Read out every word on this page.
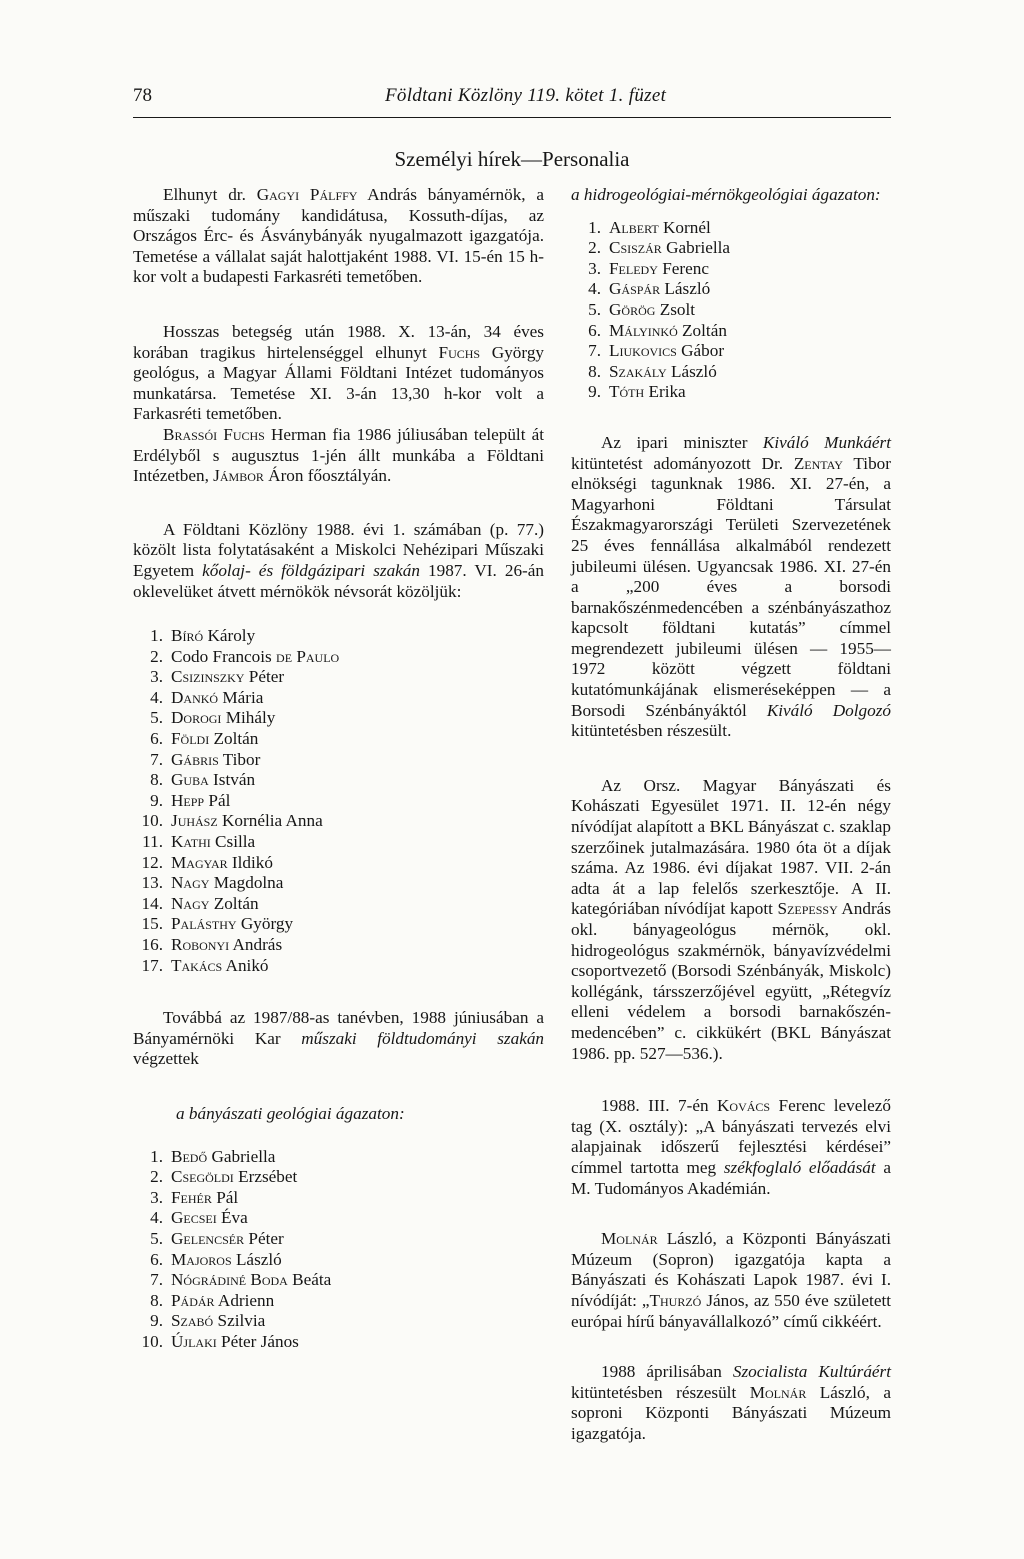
78	Földtani Közlöny 119. kötet 1. füzet
Személyi hírek—Personalia

Elhunyt dr. Gagyi Pálffy András bányamérnök, a műszaki tudomány kandidátusa, Kossuth-díjas, az Országos Érc- és Ásványbányák nyugalmazott igazgatója. Temetése a vállalat saját halottjaként 1988. VI. 15-én 15 h-kor volt a budapesti Farkasréti temetőben.

Hosszas betegség után 1988. X. 13-án, 34 éves korában tragikus hirtelenséggel elhunyt Fuchs György geológus, a Magyar Állami Földtani Intézet tudományos munkatársa. Temetése XI. 3-án 13,30 h-kor volt a Farkasréti temetőben.

Brassói Fuchs Herman fia 1986 júliusában települt át Erdélyből s augusztus 1-jén állt munkába a Földtani Intézetben, Jámbor Áron főosztályán.

A Földtani Közlöny 1988. évi 1. számában (p. 77.) közölt lista folytatásaként a Miskolci Nehézipari Műszaki Egyetem kőolaj- és földgázipari szakán 1987. VI. 26-án oklevelüket átvett mérnökök névsorát közöljük:

1. Bíró Károly
2. Codo Francois de Paulo
3. Csizinszky Péter
4. Dankó Mária
5. Dorogi Mihály
6. Földi Zoltán
7. Gábris Tibor
8. Guba István
9. Hepp Pál
10. Juhász Kornélia Anna
11. Kathi Csilla
12. Magyar Ildikó
13. Nagy Magdolna
14. Nagy Zoltán
15. Palásthy György
16. Robonyi András
17. Takács Anikó

Továbbá az 1987/88-as tanévben, 1988 júniusában a Bányamérnöki Kar műszaki földtudományi szakán végzettek

a bányászati geológiai ágazaton:

1. Bedő Gabriella
2. Csegöldi Erzsébet
3. Fehér Pál
4. Gecsei Éva
5. Gelencsér Péter
6. Majoros László
7. Nógrádiné Boda Beáta
8. Pádár Adrienn
9. Szabó Szilvia
10. Újlaki Péter János

a hidrogeológiai-mérnökgeológiai ágazaton:

1. Albert Kornél
2. Csiszár Gabriella
3. Feledy Ferenc
4. Gáspár László
5. Görög Zsolt
6. Mályinkó Zoltán
7. Liukovics Gábor
8. Szakály László
9. Tóth Erika

Az ipari miniszter Kiváló Munkáért kitüntetést adományozott Dr. Zentay Tibor elnökségi tagunknak 1986. XI. 27-én, a Magyarhoni Földtani Társulat Északmagyarországi Területi Szervezetének 25 éves fennállása alkalmából rendezett jubileumi ülésen. Ugyancsak 1986. XI. 27-én a „200 éves a borsodi barnakőszénmedencében a szénbányászathoz kapcsolt földtani kutatás” címmel megrendezett jubileumi ülésen — 1955—1972 között végzett földtani kutatómunkájának elismeréseképpen — a Borsodi Szénbányáktól Kiváló Dolgozó kitüntetésben részesült.

Az Orsz. Magyar Bányászati és Kohászati Egyesület 1971. II. 12-én négy nívódíjat alapított a BKL Bányászat c. szaklap szerzőinek jutalmazására. 1980 óta öt a díjak száma. Az 1986. évi díjakat 1987. VII. 2-án adta át a lap felelős szerkesztője. A II. kategóriában nívódíjat kapott Szepessy András okl. bányageológus mérnök, okl. hidrogeológus szakmérnök, bányavízvédelmi csoportvezető (Borsodi Szénbányák, Miskolc) kollégánk, társszerzőjével együtt, „Rétegvíz elleni védelem a borsodi barnakőszén-medencében” c. cikkükért (BKL Bányászat 1986. pp. 527—536.).

1988. III. 7-én Kovács Ferenc levelező tag (X. osztály): „A bányászati tervezés elvi alapjainak időszerű fejlesztési kérdései” címmel tartotta meg székfoglaló előadását a M. Tudományos Akadémián.

Molnár László, a Központi Bányászati Múzeum (Sopron) igazgatója kapta a Bányászati és Kohászati Lapok 1987. évi I. nívódíját: „Thurzó János, az 550 éve született európai hírű bányavállalkozó” című cikkéért.

1988 áprilisában Szocialista Kultúráért kitüntetésben részesült Molnár László, a soproni Központi Bányászati Múzeum igazgatója.
